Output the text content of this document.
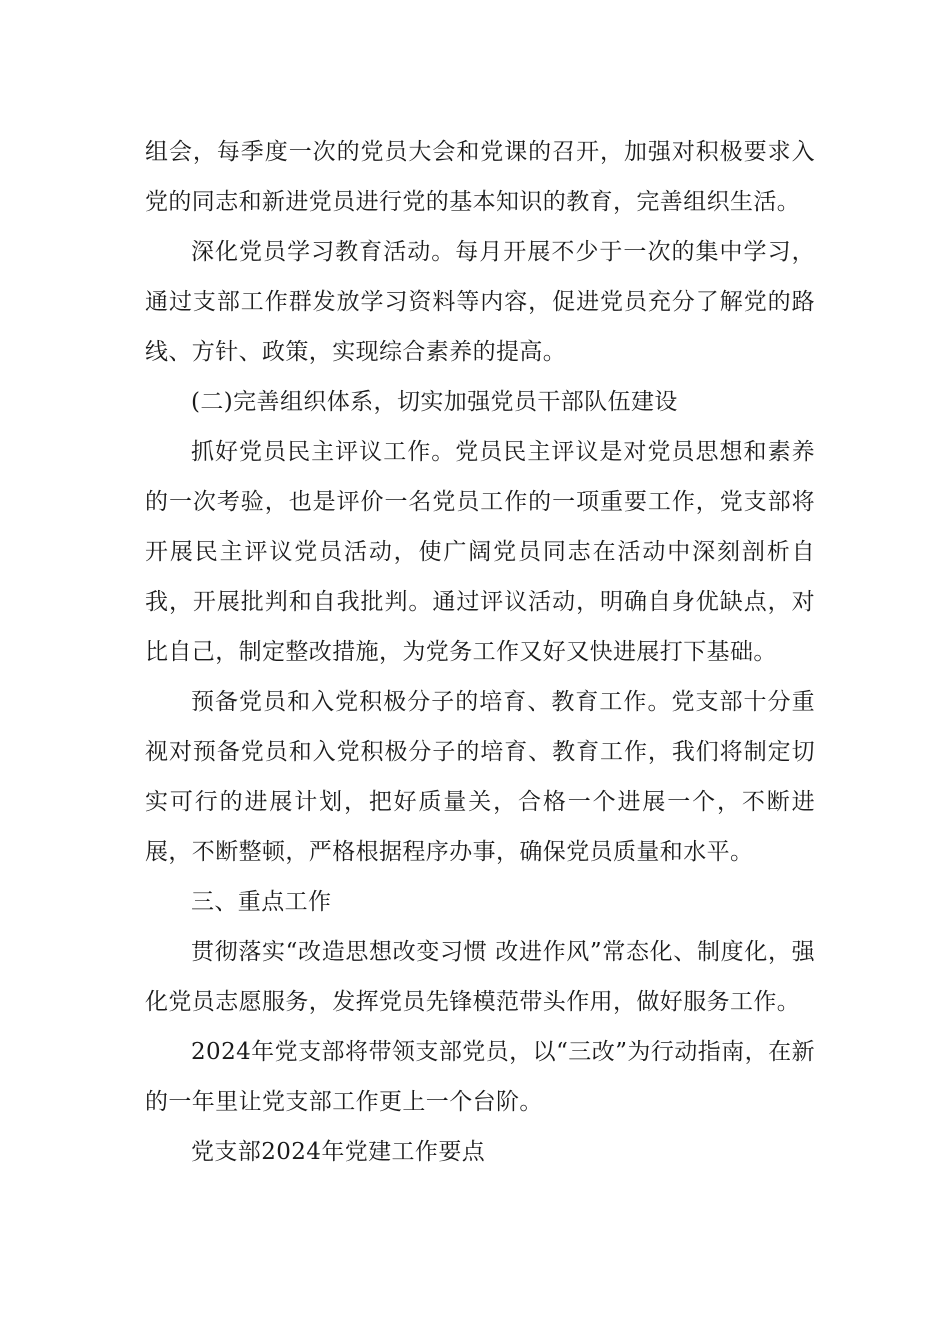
组会，每季度一次的党员大会和党课的召开，加强对积极要求入党的同志和新进党员进行党的基本知识的教育，完善组织生活。

深化党员学习教育活动。每月开展不少于一次的集中学习，通过支部工作群发放学习资料等内容，促进党员充分了解党的路线、方针、政策，实现综合素养的提高。

(二)完善组织体系，切实加强党员干部队伍建设

抓好党员民主评议工作。党员民主评议是对党员思想和素养的一次考验，也是评价一名党员工作的一项重要工作，党支部将开展民主评议党员活动，使广阔党员同志在活动中深刻剖析自我，开展批判和自我批判。通过评议活动，明确自身优缺点，对比自己，制定整改措施，为党务工作又好又快进展打下基础。

预备党员和入党积极分子的培育、教育工作。党支部十分重视对预备党员和入党积极分子的培育、教育工作，我们将制定切实可行的进展计划，把好质量关，合格一个进展一个，不断进展，不断整顿，严格根据程序办事，确保党员质量和水平。

三、重点工作

贯彻落实“改造思想改变习惯 改进作风”常态化、制度化，强化党员志愿服务，发挥党员先锋模范带头作用，做好服务工作。

2024年党支部将带领支部党员，以“三改”为行动指南，在新的一年里让党支部工作更上一个台阶。

党支部2024年党建工作要点
